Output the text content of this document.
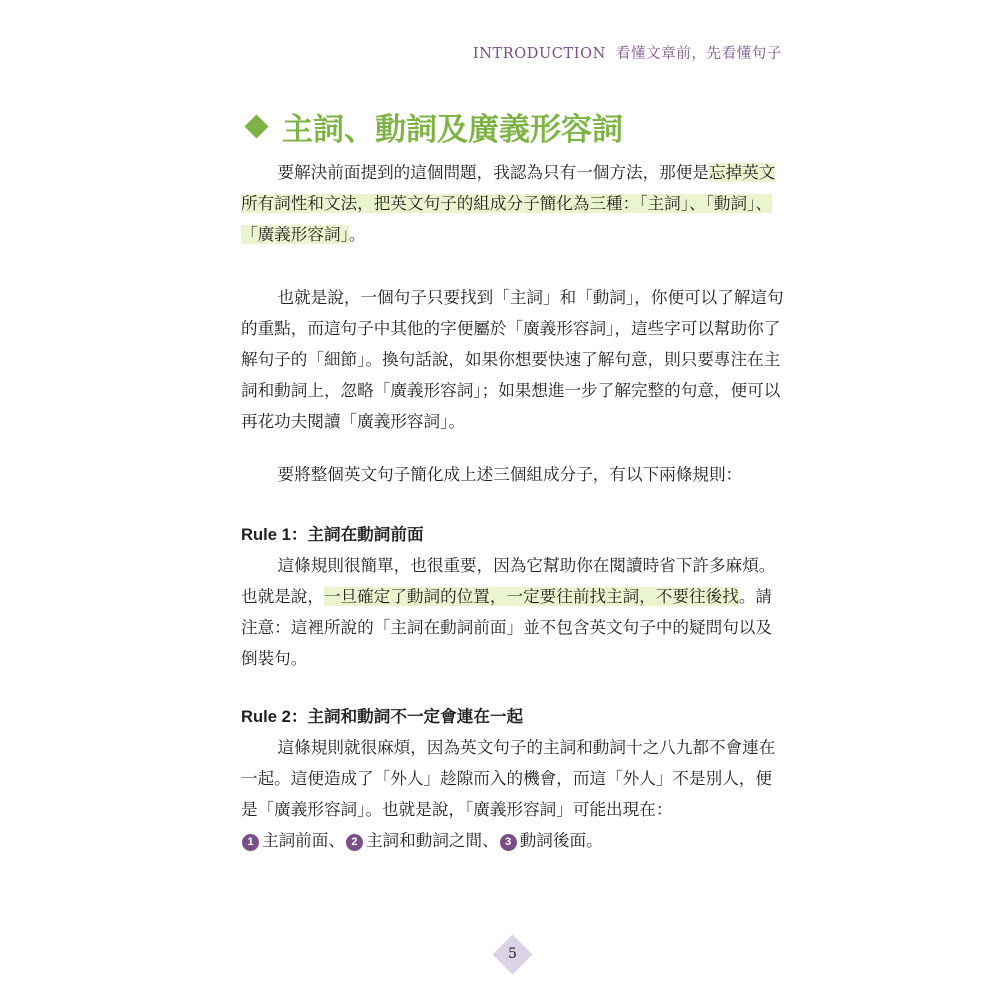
INTRODUCTION 看懂文章前，先看懂句子
主詞、動詞及廣義形容詞

要解決前面提到的這個問題，我認為只有一個方法，那便是忘掉英文所有詞性和文法，把英文句子的組成分子簡化為三種：「主詞」、「動詞」、「廣義形容詞」。

也就是說，一個句子只要找到「主詞」和「動詞」，你便可以了解這句的重點，而這句子中其他的字便屬於「廣義形容詞」，這些字可以幫助你了解句子的「細節」。換句話說，如果你想要快速了解句意，則只要專注在主詞和動詞上，忽略「廣義形容詞」；如果想進一步了解完整的句意，便可以再花功夫閱讀「廣義形容詞」。

要將整個英文句子簡化成上述三個組成分子，有以下兩條規則：

Rule 1：主詞在動詞前面

這條規則很簡單，也很重要，因為它幫助你在閱讀時省下許多麻煩。也就是說，一旦確定了動詞的位置，一定要往前找主詞，不要往後找。請注意：這裡所說的「主詞在動詞前面」並不包含英文句子中的疑問句以及倒裝句。

Rule 2：主詞和動詞不一定會連在一起

這條規則就很麻煩，因為英文句子的主詞和動詞十之八九都不會連在一起。這便造成了「外人」趁隙而入的機會，而這「外人」不是別人，便是「廣義形容詞」。也就是說，「廣義形容詞」可能出現在：
1 主詞前面、 2 主詞和動詞之間、 3 動詞後面。

5
